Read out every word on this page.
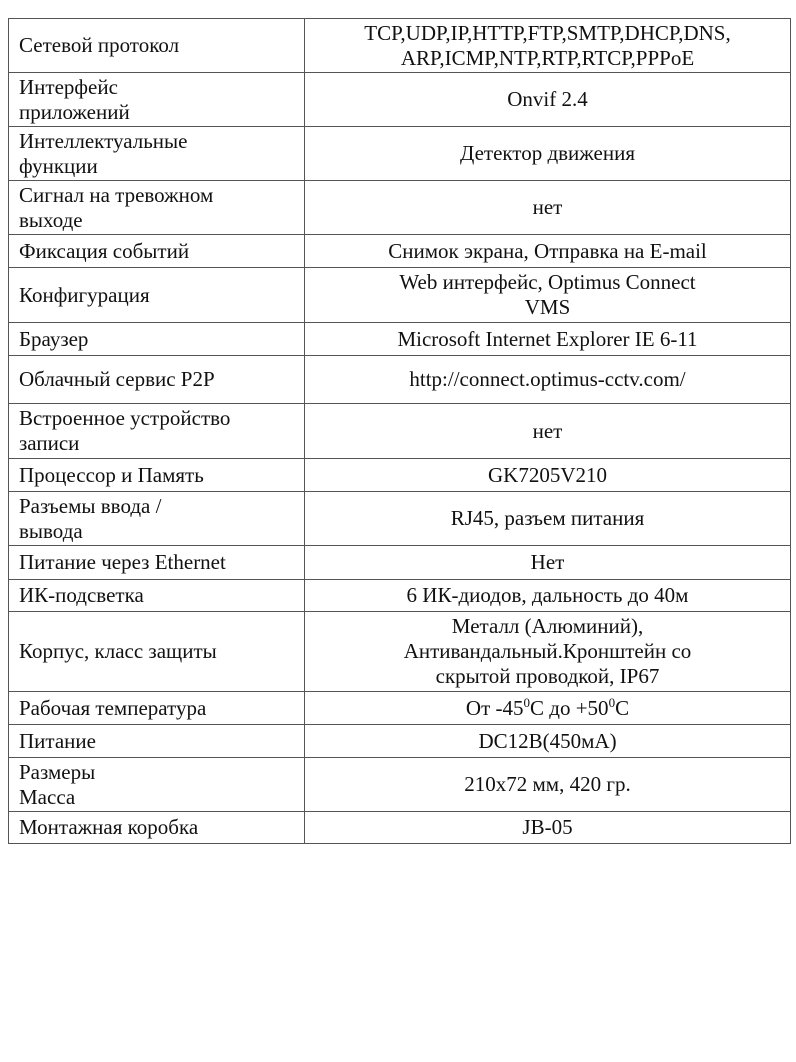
Сетевой протокол	TCP,UDP,IP,HTTP,FTP,SMTP,DHCP,DNS,
ARP,ICMP,NTP,RTP,RTCP,PPPoE

Интерфейс
приложений	Onvif 2.4

Интеллектуальные
функции	Детектор движения

Сигнал на тревожном
выходе	нет
Фиксация событий	Снимок экрана, Отправка на E-mail
Конфигурация	Web интерфейс, Optimus Connect
VMS

Браузер	Microsoft Internet Explorer IE 6-11
Облачный сервис P2P	http://connect.optimus-cctv.com/

Встроенное устройство
записи	нет
Процессор и Память	GK7205V210

Разъемы ввода /
вывода	RJ45, разъем питания
Питание через Ethernet	Нет
ИК-подсветка	6 ИК-диодов, дальность до 40м
Корпус, класс защиты	Металл (Алюминий),
Антивандальный.Кронштейн со
скрытой проводкой, IP67

Рабочая температура	От $-45^0C$ до $+50^0C$
Питание	DC12В(450мА)

Размеры
Масса	210х72 мм, 420 гр.
Монтажная коробка	JB-05
